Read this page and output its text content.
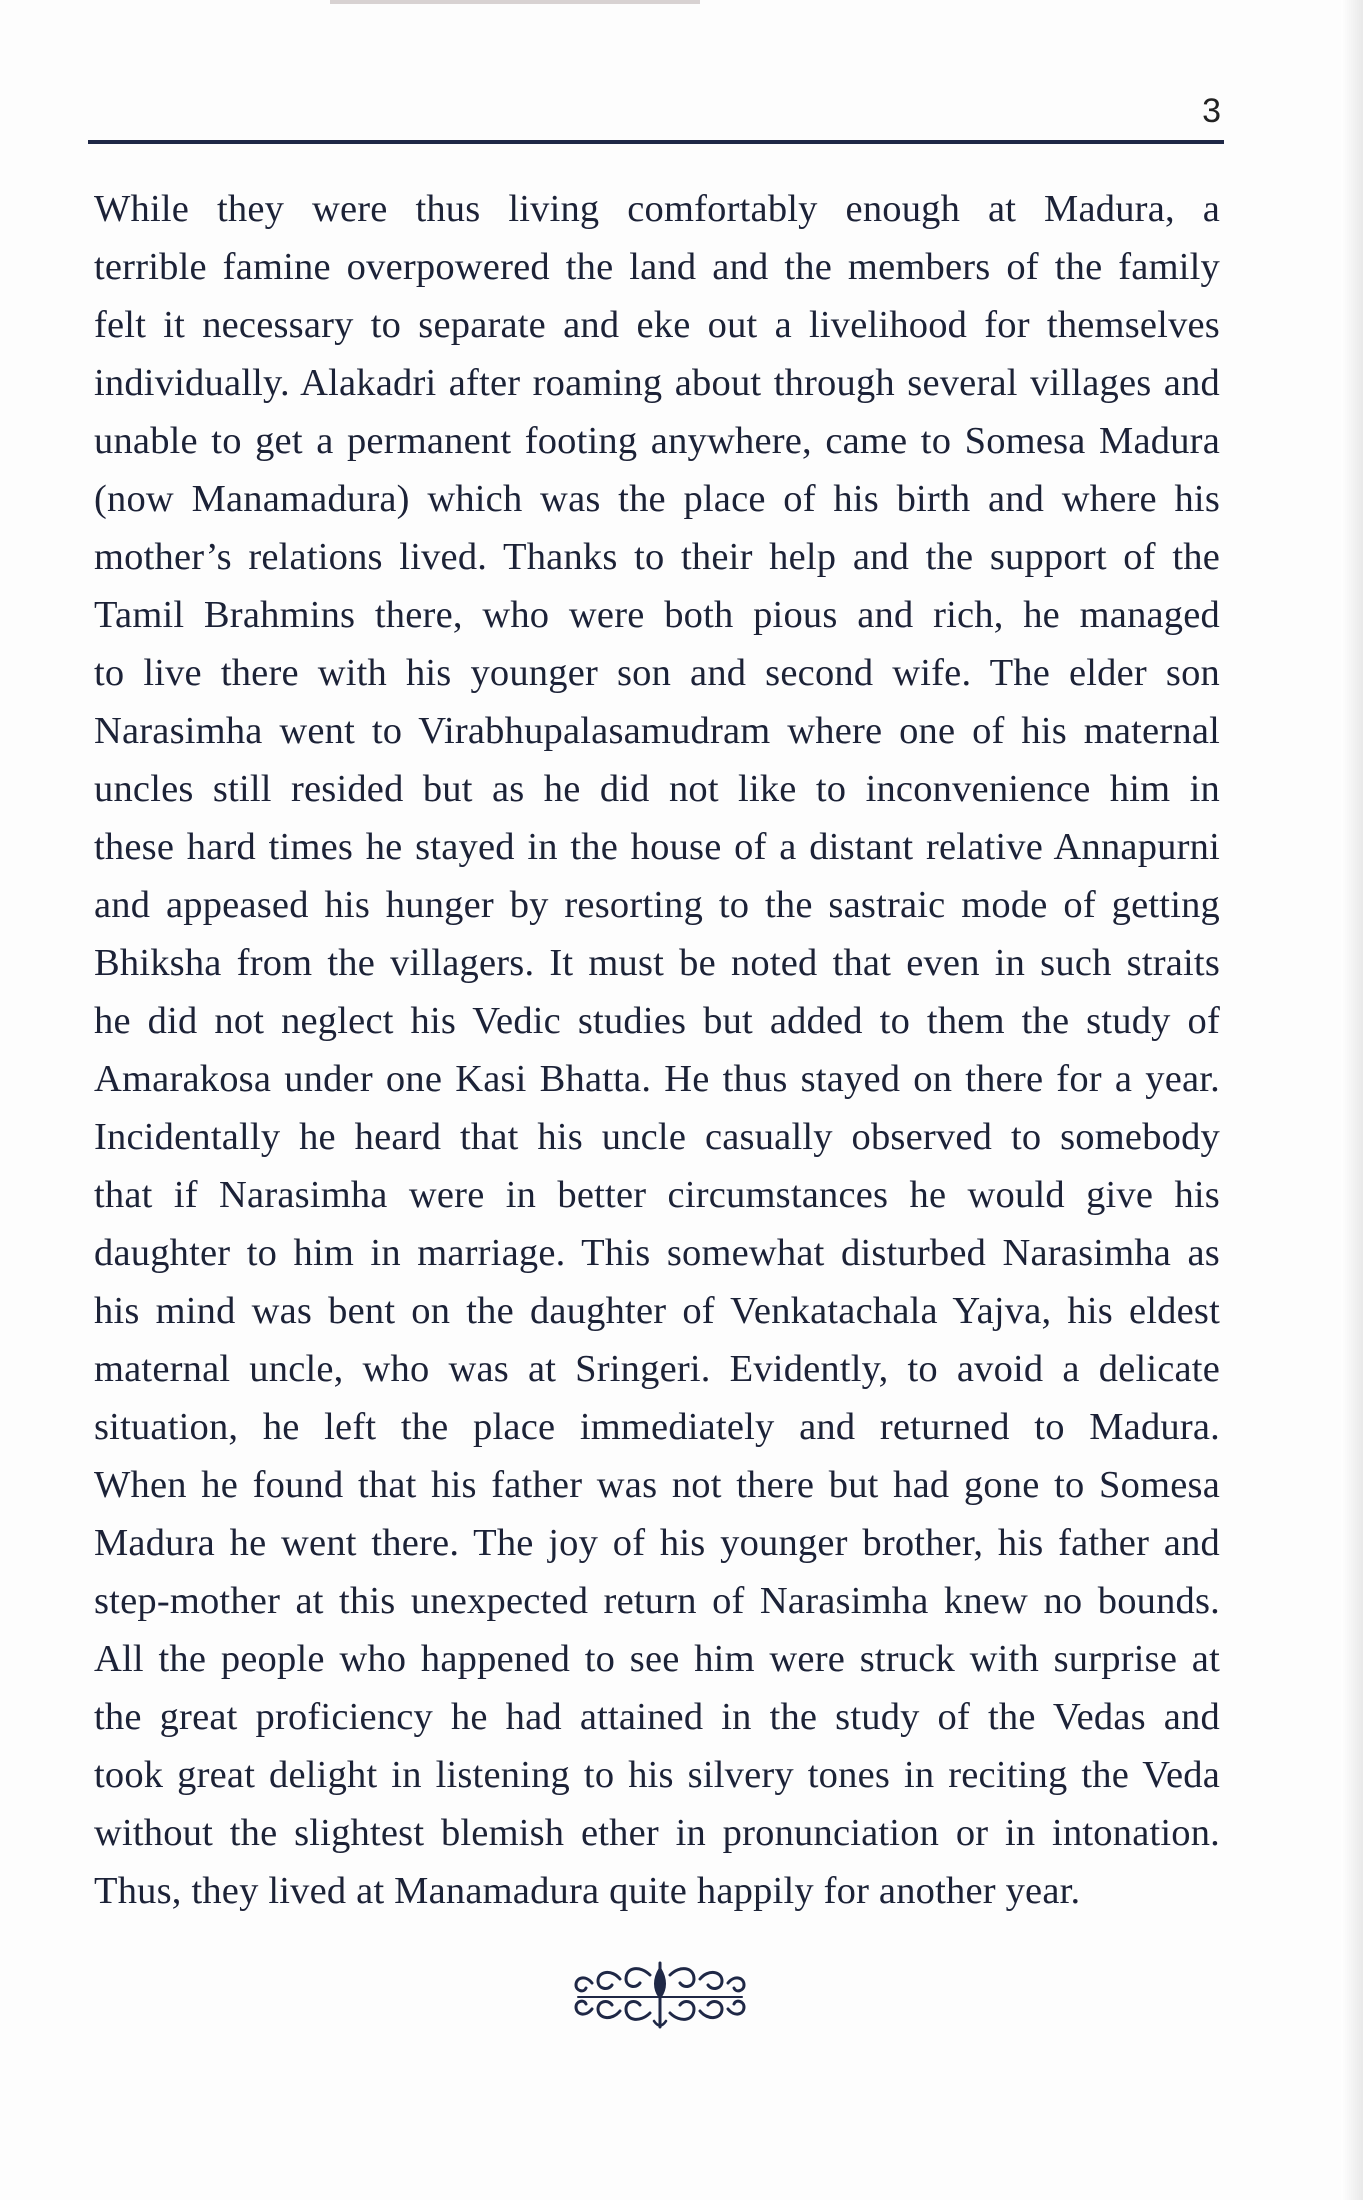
3
While they were thus living comfortably enough at Madura, a
terrible famine overpowered the land and the members of the family
felt it necessary to separate and eke out a livelihood for themselves
individually. Alakadri after roaming about through several villages and
unable to get a permanent footing anywhere, came to Somesa Madura
(now Manamadura) which was the place of his birth and where his
mother’s relations lived. Thanks to their help and the support of the
Tamil Brahmins there, who were both pious and rich, he managed
to live there with his younger son and second wife. The elder son
Narasimha went to Virabhupalasamudram where one of his maternal
uncles still resided but as he did not like to inconvenience him in
these hard times he stayed in the house of a distant relative Annapurni
and appeased his hunger by resorting to the sastraic mode of getting
Bhiksha from the villagers. It must be noted that even in such straits
he did not neglect his Vedic studies but added to them the study of
Amarakosa under one Kasi Bhatta. He thus stayed on there for a year.
Incidentally he heard that his uncle casually observed to somebody
that if Narasimha were in better circumstances he would give his
daughter to him in marriage. This somewhat disturbed Narasimha as
his mind was bent on the daughter of Venkatachala Yajva, his eldest
maternal uncle, who was at Sringeri. Evidently, to avoid a delicate
situation, he left the place immediately and returned to Madura.
When he found that his father was not there but had gone to Somesa
Madura he went there. The joy of his younger brother, his father and
step-mother at this unexpected return of Narasimha knew no bounds.
All the people who happened to see him were struck with surprise at
the great proficiency he had attained in the study of the Vedas and
took great delight in listening to his silvery tones in reciting the Veda
without the slightest blemish ether in pronunciation or in intonation.
Thus, they lived at Manamadura quite happily for another year.
